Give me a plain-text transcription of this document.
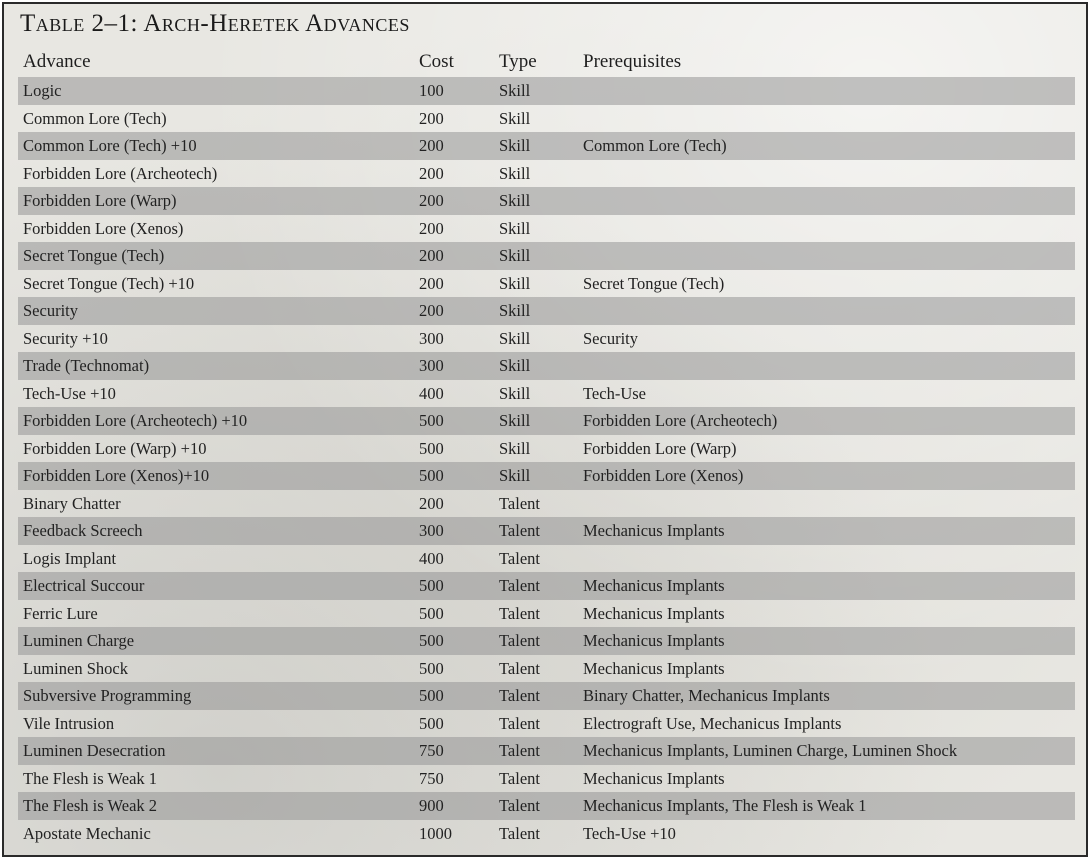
Table 2–1: Arch-Heretek Advances
Advance	Cost Type Prerequisites
Logic	100	Skill
Common Lore (Tech)	200	Skill
Common Lore (Tech) +10	200	Skill	Common Lore (Tech)
Forbidden Lore (Archeotech)	200	Skill
Forbidden Lore (Warp)	200	Skill
Forbidden Lore (Xenos)	200	Skill
Secret Tongue (Tech)	200	Skill
Secret Tongue (Tech) +10	200	Skill	Secret Tongue (Tech)
Security	200	Skill
Security +10	300	Skill	Security
Trade (Technomat)	300	Skill
Tech-Use +10	400	Skill	Tech-Use
Forbidden Lore (Archeotech) +10	500	Skill	Forbidden Lore (Archeotech)
Forbidden Lore (Warp) +10	500	Skill	Forbidden Lore (Warp)
Forbidden Lore (Xenos)+10	500	Skill	Forbidden Lore (Xenos)
Binary Chatter	200	Talent
Feedback Screech	300	Talent	Mechanicus Implants
Logis Implant	400	Talent
Electrical Succour	500	Talent	Mechanicus Implants
Ferric Lure	500	Talent	Mechanicus Implants
Luminen Charge	500	Talent	Mechanicus Implants
Luminen Shock	500	Talent	Mechanicus Implants
Subversive Programming	500	Talent	Binary Chatter, Mechanicus Implants
Vile Intrusion	500	Talent	Electrograft Use, Mechanicus Implants
Luminen Desecration	750	Talent	Mechanicus Implants, Luminen Charge, Luminen Shock
The Flesh is Weak 1	750	Talent	Mechanicus Implants
The Flesh is Weak 2	900	Talent	Mechanicus Implants, The Flesh is Weak 1
Apostate Mechanic	1000	Talent	Tech-Use +10
